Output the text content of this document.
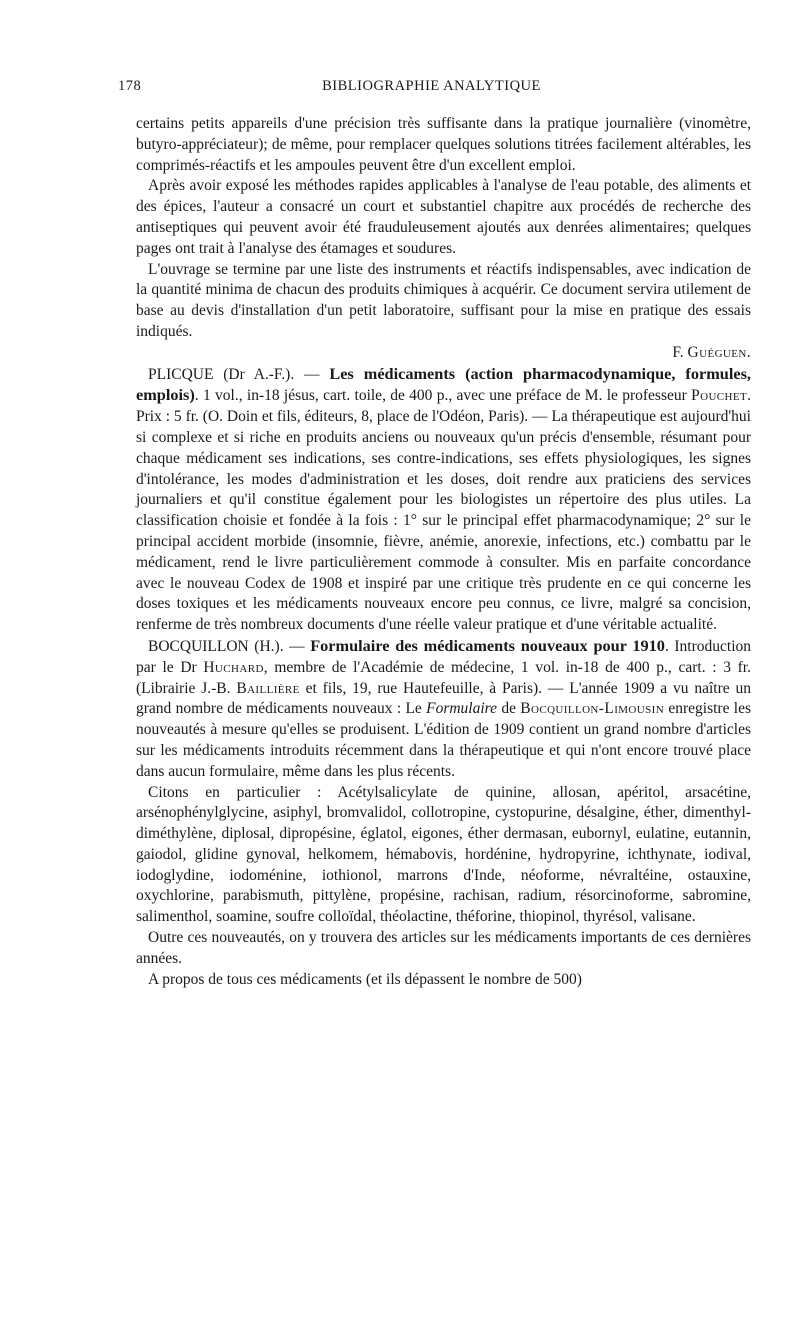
178	BIBLIOGRAPHIE ANALYTIQUE

certains petits appareils d'une précision très suffisante dans la pratique journalière (vinomètre, butyro-appréciateur); de même, pour remplacer quelques solutions titrées facilement altérables, les comprimés-réactifs et les ampoules peuvent être d'un excellent emploi.

Après avoir exposé les méthodes rapides applicables à l'analyse de l'eau potable, des aliments et des épices, l'auteur a consacré un court et substantiel chapitre aux procédés de recherche des antiseptiques qui peuvent avoir été frauduleusement ajoutés aux denrées alimentaires; quelques pages ont trait à l'analyse des étamages et soudures.

L'ouvrage se termine par une liste des instruments et réactifs indispensables, avec indication de la quantité minima de chacun des produits chimiques à acquérir. Ce document servira utilement de base au devis d'installation d'un petit laboratoire, suffisant pour la mise en pratique des essais indiqués.

F. Guéguen.

PLICQUE (Dr A.-F.). — Les médicaments (action pharmacodynamique, formules, emplois). 1 vol., in-18 jésus, cart. toile, de 400 p., avec une préface de M. le professeur Pouchet. Prix : 5 fr. (O. Doin et fils, éditeurs, 8, place de l'Odéon, Paris). — La thérapeutique est aujourd'hui si complexe et si riche en produits anciens ou nouveaux qu'un précis d'ensemble, résumant pour chaque médicament ses indications, ses contre-indications, ses effets physiologiques, les signes d'intolérance, les modes d'administration et les doses, doit rendre aux praticiens des services journaliers et qu'il constitue également pour les biologistes un répertoire des plus utiles. La classification choisie et fondée à la fois : 1° sur le principal effet pharmacodynamique; 2° sur le principal accident morbide (insomnie, fièvre, anémie, anorexie, infections, etc.) combattu par le médicament, rend le livre particulièrement commode à consulter. Mis en parfaite concordance avec le nouveau Codex de 1908 et inspiré par une critique très prudente en ce qui concerne les doses toxiques et les médicaments nouveaux encore peu connus, ce livre, malgré sa concision, renferme de très nombreux documents d'une réelle valeur pratique et d'une véritable actualité.

BOCQUILLON (H.). — Formulaire des médicaments nouveaux pour 1910. Introduction par le Dr Huchard, membre de l'Académie de médecine, 1 vol. in-18 de 400 p., cart. : 3 fr. (Librairie J.-B. Baillière et fils, 19, rue Hautefeuille, à Paris). — L'année 1909 a vu naître un grand nombre de médicaments nouveaux : Le Formulaire de Bocquillon-Limousin enregistre les nouveautés à mesure qu'elles se produisent. L'édition de 1909 contient un grand nombre d'articles sur les médicaments introduits récemment dans la thérapeutique et qui n'ont encore trouvé place dans aucun formulaire, même dans les plus récents.

Citons en particulier : Acétylsalicylate de quinine, allosan, apéritol, arsacétine, arsénophénylglycine, asiphyl, bromvalidol, collotropine, cystopurine, désalgine, éther, dimenthyl-diméthylène, diplosal, dipropésine, églatol, eigones, éther dermasan, eubornyl, eulatine, eutannin, gaiodol, glidine gynoval, helkomem, hémabovis, hordénine, hydropyrine, ichthynate, iodival, iodoglydine, iodoménine, iothionol, marrons d'Inde, néoforme, névraltéine, ostauxine, oxychlorine, parabismuth, pittylène, propésine, rachisan, radium, résorcinoforme, sabromine, salimenthol, soamine, soufre colloïdal, théolactine, théforine, thiopinol, thyrésol, valisane.

Outre ces nouveautés, on y trouvera des articles sur les médicaments importants de ces dernières années.

A propos de tous ces médicaments (et ils dépassent le nombre de 500)
